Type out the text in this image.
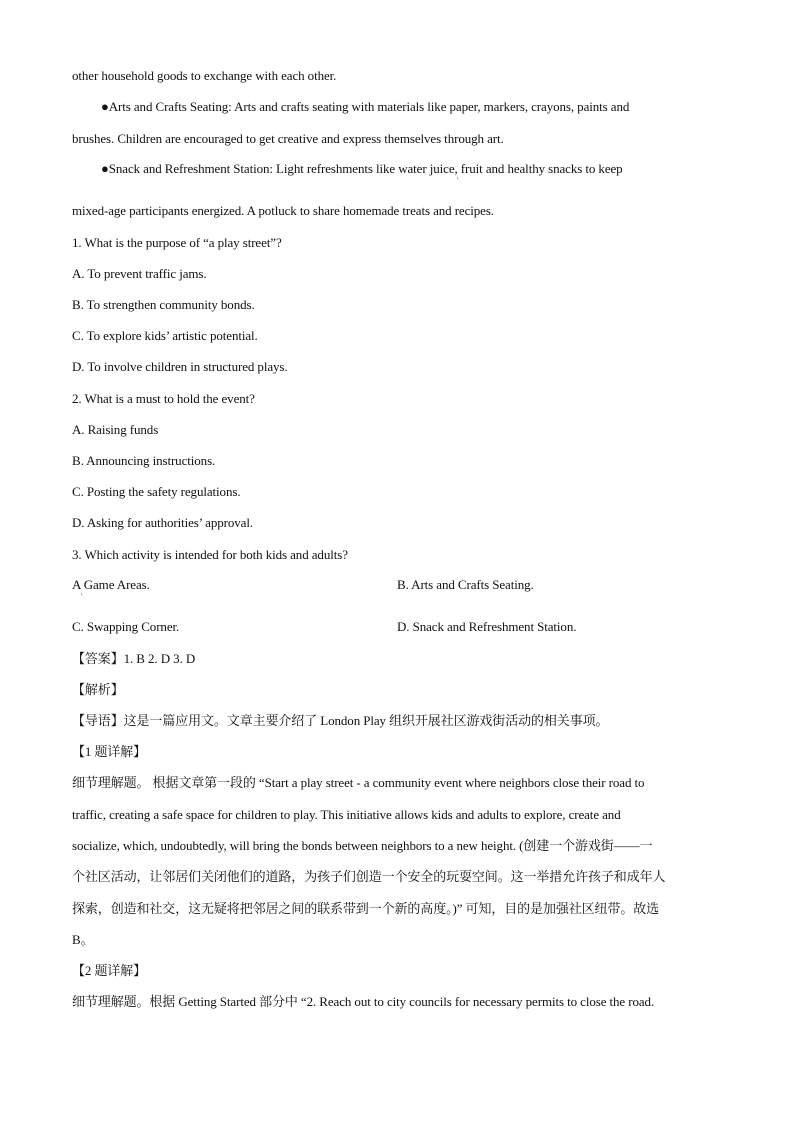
other household goods to exchange with each other.
●Arts and Crafts Seating: Arts and crafts seating with materials like paper, markers, crayons, paints and
brushes. Children are encouraged to get creative and express themselves through art.
●Snack and Refreshment Station: Light refreshments like water juice, fruit and healthy snacks to keep
'
mixed-age participants energized. A potluck to share homemade treats and recipes.
1. What is the purpose of “a play street”?
A. To prevent traffic jams.
B. To strengthen community bonds.
C. To explore kids’ artistic potential.
D. To involve children in structured plays.
2. What is a must to hold the event?
A. Raising funds
B. Announcing instructions.
C. Posting the safety regulations.
D. Asking for authorities’ approval.
3. Which activity is intended for both kids and adults?
A Game Areas.
'
B. Arts and Crafts Seating.
C. Swapping Corner.	D. Snack and Refreshment Station.
【答案】1. B 2. D 3. D
【解析】
【导语】这是一篇应用文。文章主要介绍了 London Play 组织开展社区游戏街活动的相关事项。
【1 题详解】
细节理解题。 根据文章第一段的 “Start a play street - a community event where neighbors close their road to
traffic, creating a safe space for children to play. This initiative allows kids and adults to explore, create and
socialize, which, undoubtedly, will bring the bonds between neighbors to a new height. (创建一个游戏街——一
个社区活动，让邻居们关闭他们的道路，为孩子们创造一个安全的玩耍空间。这一举措允许孩子和成年人
探索，创造和社交，这无疑将把邻居之间的联系带到一个新的高度。)” 可知，目的是加强社区纽带。故选
B。
【2 题详解】
细节理解题。根据 Getting Started 部分中 “2. Reach out to city councils for necessary permits to close the road.
